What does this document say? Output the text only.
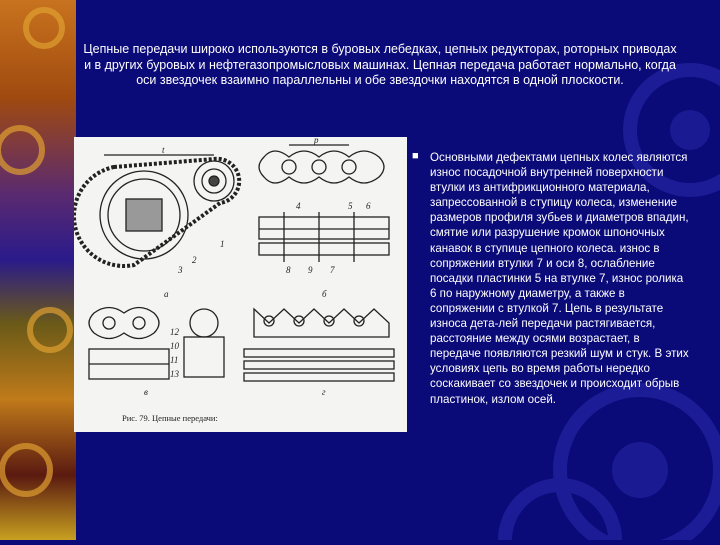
Цепные передачи широко используются в буровых лебедках, цепных редукторах, роторных приводах и в других буровых и нефтегазопромысловых машинах. Цепная передача работает нормально, когда оси звездочек взаимно параллельны и обе звездочки находятся в одной плоскости.
t
p
а	б
в	г
1
2
3
4	5 6
7
8 9
10
11
12
13
Рис. 79. Цепные передачи:
■ Основными дефектами цепных колес являются износ посадочной внутренней поверхности втулки из антифрикционного материала, запрессованной в ступицу колеса, изменение размеров профиля зубьев и диаметров впадин, смятие или разрушение кромок шпоночных канавок в ступице цепного колеса. износ в сопряжении втулки 7 и оси 8, ослабление посадки пластинки 5 на втулке 7, износ ролика 6 по наружному диаметру, а также в сопряжении с втулкой 7. Цепь в результате износа дета-лей передачи растягивается, расстояние между осями возрастает, в передаче появляются резкий шум и стук. В этих условиях цепь во время работы нередко соскакивает со звездочек и происходит обрыв пластинок, излом осей.
